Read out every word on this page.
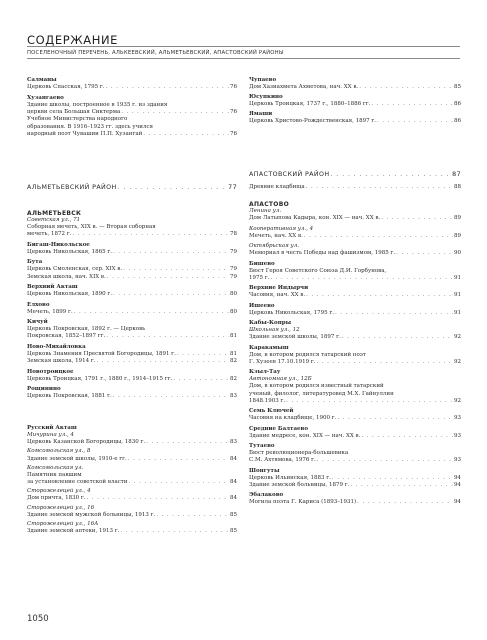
СОДЕРЖАНИЕ
ПОСЕЛЕНОЧНЫЙ ПЕРЕЧЕНЬ, АЛЬКЕЕВСКИЙ, АЛЬМЕТЬЕВСКИЙ, АПАСТОВСКИЙ РАЙОНЫ
Салманы
Церковь Спасская, 1795 г. . . .	76
Хузангаево
Здание школы, построенное в 1935 г. из здания
церкви села Большая Сиктерма . . .	76
Учебное Министерства народного
образования. В 1916–1923 гг. здесь учился
народный поэт Чувашии П.П. Хузангай . . .	76
АЛЬМЕТЬЕВСКИЙ РАЙОН . . .	77
АЛЬМЕТЬЕВСК
Советская ул., 71
Соборная мечеть, XIX в. — Вторая соборная
мечеть, 1872 г. . . .	78
Бигаш-Никольское
Церковь Никольская, 1865 г. . . .	79
Бута
Церковь Смоленская, сер. XIX в. . . .	79
Земская школа, нач. XIX в. . . .	79
Верхний Акташ
Церковь Никольская, 1890 г. . . .	80
Елхово
Мечеть, 1899 г. . . .	80
Кичуй
Церковь Покровская, 1892 г. — Церковь
Покровская, 1852–1897 гг. . . .	81
Ново-Михайловка
Церковь Знамения Пресвятой Богородицы, 1891 г. . . .	81
Земская школа, 1914 г. . . .	82
Новотроицкое
Церковь Троицкая, 1791 г., 1880 г., 1914–1915 гг. . . .	82
Рощинино
Церковь Покровская, 1881 г. . . .	83
Русский Акташ
Мичурина ул., 4
Церковь Казанской Богородицы, 1830 г. . . .	83
Комсомольская ул., 8
Здание земской школы, 1910-е гг. . . .	84
Комсомольская ул.
Памятник павшим
за установление советской власти . . .	84
Сторожелецей ул., 4
Дом причта, 1830 г. . . .	84
Сторожелецей ул., 16
Здание земской мужской больницы, 1913 г. . . .	85
Сторожелецей ул., 16А
Здание земской аптеки, 1913 г. . . .	85
Чупаево
Дом Хазиахмета Ахметова, нач. XX в. . . .	85
Юсупкино
Церковь Троицкая, 1737 г., 1880–1886 гг. . . .	86
Ямаши
Церковь Христово-Рождественская, 1897 г. . . .	86
АПАСТОВСКИЙ РАЙОН . . .	87
Древние кладбища . . .	88
АПАСТОВО
Ленина ул.
Дом Латыпова Кадыра, кон. XIX — нач. XX в. . . .	89
Кооперативная ул., 4
Мечеть, нач. XX в. . . .	89
Октябрьская ул.
Мемориал в честь Победы над фашизмом, 1985 г. . . .	90
Бишево
Бюст Героя Советского Союза Д.И. Горбунова,
1975 г. . . .	91
Верхние Индырчи
Часовня, нач. XX в. . . .	91
Ишеево
Церковь Никольская, 1795 г. . . .	91
Кабы-Копры
Школьная ул., 12
Здание земской школы, 1897 г. . . .	92
Каракамыш
Дом, в котором родился татарский поэт
Г. Хузеев 17.10.1919 г. . . .	92
Кзыл-Тау
Автономная ул., 12Б
Дом, в котором родился известный татарский
ученый, филолог, литературовед М.Х. Гайнуллин
1848.1903 г. . . .	92
Семь Ключей
Часовня на кладбище, 1900 г. . . .	93
Средние Балтаево
Здание медресе, кон. XIX — нач. XX в. . . .	93
Тутаево
Бюст революционера-большевика
С.М. Ахтямова, 1976 г. . . .	93
Шонгуты
Церковь Ильинская, 1883 г. . . .	94
Здание земской больницы, 1879 г. . . .	94
Эбалаково
Могила поэта Г. Кариса (1893–1931) . . .	94
1050
